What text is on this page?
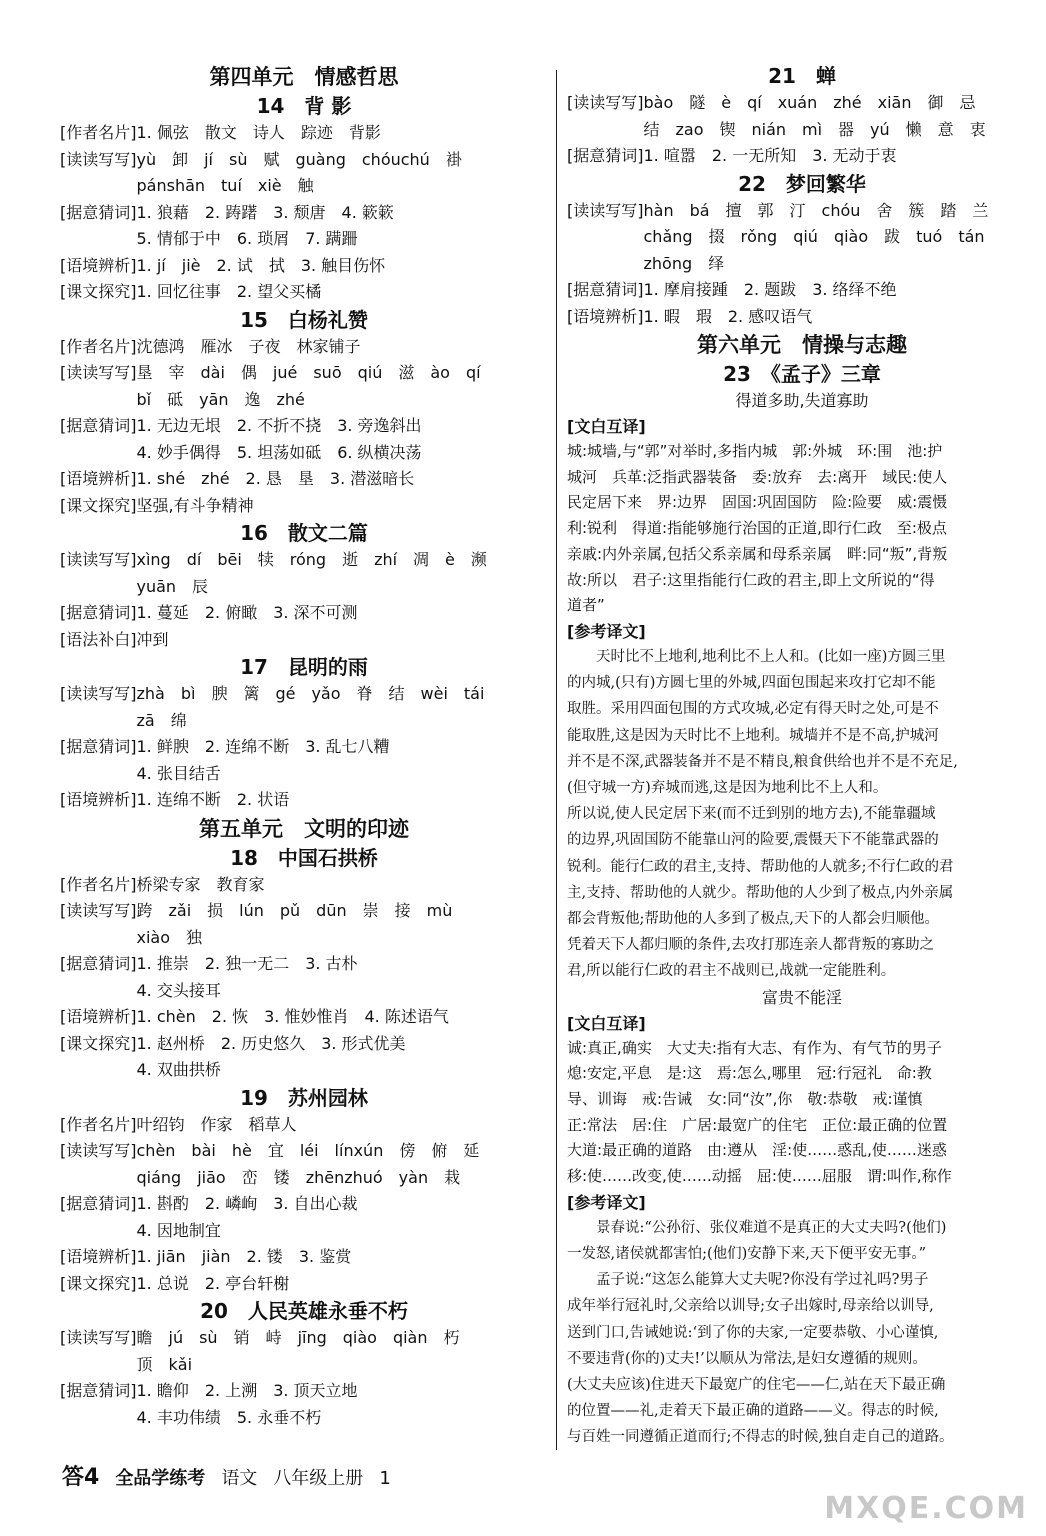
第四单元　情感哲思
14　背 影
[作者名片] 1. 佩弦　散文　诗人　踪迹　背影
[读读写写] yù　卸　jí　sù　赋　guàng　chóuchú　褂
pánshān　tuí　xiè　触
[据意猜词] 1. 狼藉　2. 踌躇　3. 颓唐　4. 簌簌
5. 情郁于中　6. 琐屑　7. 蹒跚
[语境辨析] 1. jí　jiè　2. 试　拭　3. 触目伤怀
[课文探究] 1. 回忆往事　2. 望父买橘
15　白杨礼赞
[作者名片] 沈德鸿　雁冰　子夜　林家铺子
[读读写写] 垦　宰　dài　偶　jué　suō　qiú　滋　ào　qí
bǐ　砥　yān　逸　zhé
[据意猜词] 1. 无边无垠　2. 不折不挠　3. 旁逸斜出
4. 妙手偶得　5. 坦荡如砥　6. 纵横决荡
[语境辨析] 1. shé　zhé　2. 恳　垦　3. 潜滋暗长
[课文探究] 坚强,有斗争精神
16　散文二篇
[读读写写] xìng　dí　bēi　犊　róng　逝　zhí　凋　è　濒
yuān　辰
[据意猜词] 1. 蔓延　2. 俯瞰　3. 深不可测
[语法补白] 冲到
17　昆明的雨
[读读写写] zhà　bì　腴　篱　gé　yǎo　脊　结　wèi　tái
zā　绵
[据意猜词] 1. 鲜腴　2. 连绵不断　3. 乱七八糟
4. 张目结舌
[语境辨析] 1. 连绵不断　2. 状语
第五单元　文明的印迹
18　中国石拱桥
[作者名片] 桥梁专家　教育家
[读读写写] 跨　zǎi　损　lún　pǔ　dūn　崇　接　mù
xiào　独
[据意猜词] 1. 推崇　2. 独一无二　3. 古朴
4. 交头接耳
[语境辨析] 1. chèn　2. 恢　3. 惟妙惟肖　4. 陈述语气
[课文探究] 1. 赵州桥　2. 历史悠久　3. 形式优美
4. 双曲拱桥
19　苏州园林
[作者名片] 叶绍钧　作家　稻草人
[读读写写] chèn　bài　hè　宜　léi　línxún　傍　俯　延
qiáng　jiāo　峦　镂　zhēnzhuó　yàn　栽
[据意猜词] 1. 斟酌　2. 嶙峋　3. 自出心裁
4. 因地制宜
[语境辨析] 1. jiān　jiàn　2. 镂　3. 鉴赏
[课文探究] 1. 总说　2. 亭台轩榭
20　人民英雄永垂不朽
[读读写写] 瞻　jú　sù　销　峙　jīng　qiào　qiàn　朽
顶　kǎi
[据意猜词] 1. 瞻仰　2. 上溯　3. 顶天立地
4. 丰功伟绩　5. 永垂不朽
21　蝉
[读读写写] bào　隧　è　qí　xuán　zhé　xiān　御　忌
结　zao　锲　nián　mì　器　yú　懒　意　衷
[据意猜词] 1. 喧嚣　2. 一无所知　3. 无动于衷
22　梦回繁华
[读读写写] hàn　bá　擅　郭　汀　chóu　舍　簇　踏　兰
chǎng　掇　rǒng　qiú　qiào　跋　tuó　tán
zhōng　绎
[据意猜词] 1. 摩肩接踵　2. 题跋　3. 络绎不绝
[语境辨析] 1. 暇　瑕　2. 感叹语气
第六单元　情操与志趣
23　《孟子》三章
得道多助,失道寡助
[文白互译]
城:城墙,与“郭”对举时,多指内城　郭:外城　环:围　池:护
城河　兵革:泛指武器装备　委:放弃　去:离开　域民:使人
民定居下来　界:边界　固国:巩固国防　险:险要　威:震慑
利:锐利　得道:指能够施行治国的正道,即行仁政　至:极点
亲戚:内外亲属,包括父系亲属和母系亲属　畔:同“叛”,背叛
故:所以　君子:这里指能行仁政的君主,即上文所说的“得
道者”
[参考译文]
　　天时比不上地利,地利比不上人和。(比如一座)方圆三里
的内城,(只有)方圆七里的外城,四面包围起来攻打它却不能
取胜。采用四面包围的方式攻城,必定有得天时之处,可是不
能取胜,这是因为天时比不上地利。城墙并不是不高,护城河
并不是不深,武器装备并不是不精良,粮食供给也并不是不充足,
(但守城一方)弃城而逃,这是因为地利比不上人和。
所以说,使人民定居下来(而不迁到别的地方去),不能靠疆域
的边界,巩固国防不能靠山河的险要,震慑天下不能靠武器的
锐利。能行仁政的君主,支持、帮助他的人就多;不行仁政的君
主,支持、帮助他的人就少。帮助他的人少到了极点,内外亲属
都会背叛他;帮助他的人多到了极点,天下的人都会归顺他。
凭着天下人都归顺的条件,去攻打那连亲人都背叛的寡助之
君,所以能行仁政的君主不战则已,战就一定能胜利。
富贵不能淫
[文白互译]
诚:真正,确实　大丈夫:指有大志、有作为、有气节的男子
熄:安定,平息　是:这　焉:怎么,哪里　冠:行冠礼　命:教
导、训诲　戒:告诫　女:同“汝”,你　敬:恭敬　戒:谨慎
正:常法　居:住　广居:最宽广的住宅　正位:最正确的位置
大道:最正确的道路　由:遵从　淫:使……惑乱,使……迷惑
移:使……改变,使……动摇　屈:使……屈服　谓:叫作,称作
[参考译文]
　　景春说:“公孙衍、张仪难道不是真正的大丈夫吗?(他们)
一发怒,诸侯就都害怕;(他们)安静下来,天下便平安无事。”
　　孟子说:“这怎么能算大丈夫呢?你没有学过礼吗?男子
成年举行冠礼时,父亲给以训导;女子出嫁时,母亲给以训导,
送到门口,告诫她说:‘到了你的夫家,一定要恭敬、小心谨慎,
不要违背(你的)丈夫!’以顺从为常法,是妇女遵循的规则。
(大丈夫应该)住进天下最宽广的住宅——仁,站在天下最正确
的位置——礼,走着天下最正确的道路——义。得志的时候,
与百姓一同遵循正道而行;不得志的时候,独自走自己的道路。
答4 全品学练考 语文 八年级上册 1
MXQE.COM
